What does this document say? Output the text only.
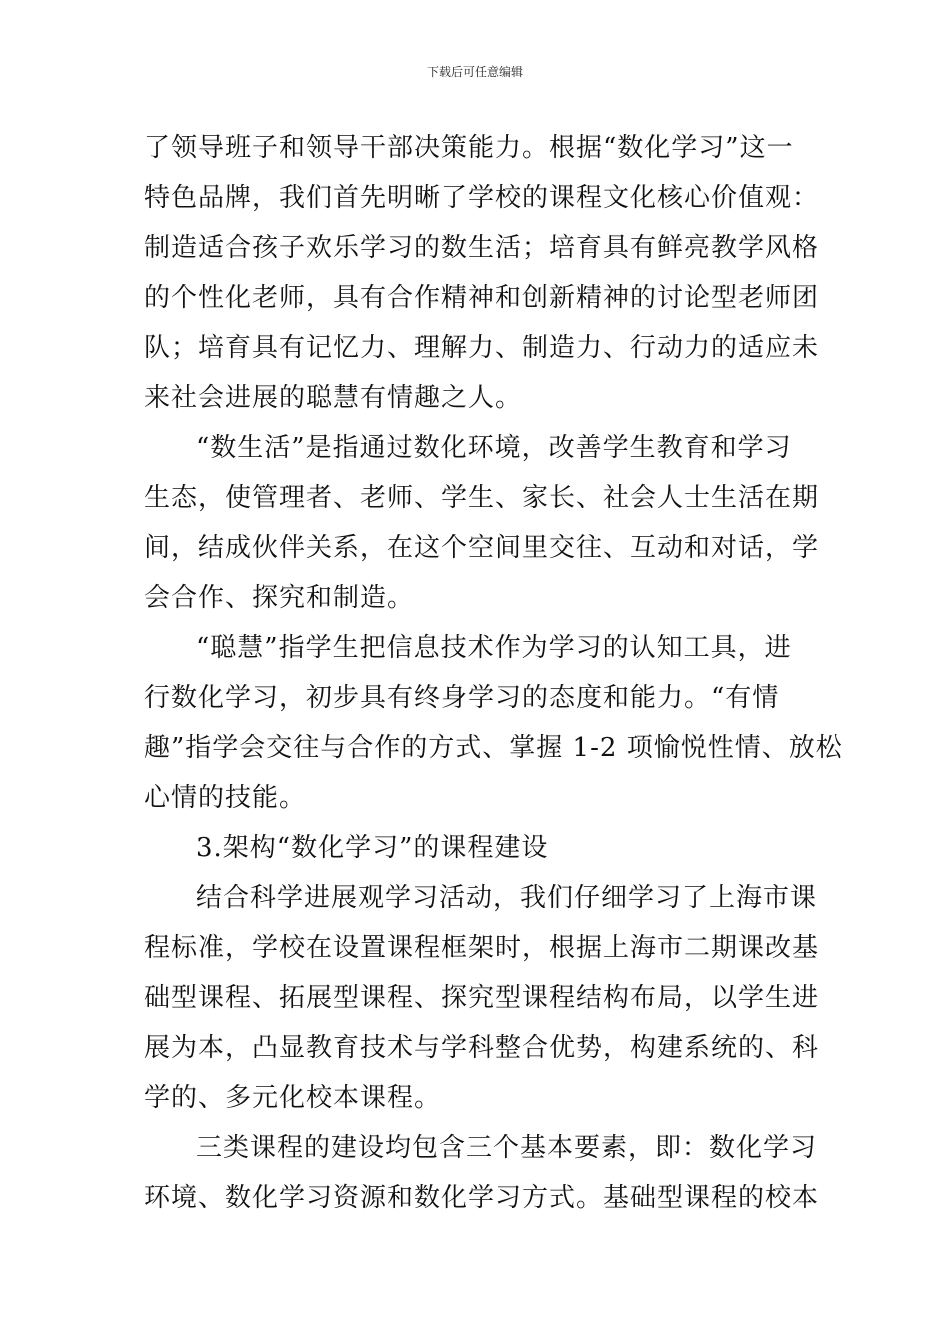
下载后可任意编辑
了领导班子和领导干部决策能力。根据“数化学习”这一
特色品牌，我们首先明晰了学校的课程文化核心价值观：
制造适合孩子欢乐学习的数生活；培育具有鲜亮教学风格
的个性化老师，具有合作精神和创新精神的讨论型老师团
队；培育具有记忆力、理解力、制造力、行动力的适应未
来社会进展的聪慧有情趣之人。
“数生活”是指通过数化环境，改善学生教育和学习
生态，使管理者、老师、学生、家长、社会人士生活在期
间，结成伙伴关系，在这个空间里交往、互动和对话，学
会合作、探究和制造。
“聪慧”指学生把信息技术作为学习的认知工具，进
行数化学习，初步具有终身学习的态度和能力。“有情
趣”指学会交往与合作的方式、掌握 1-2 项愉悦性情、放松
心情的技能。
3.架构“数化学习”的课程建设
结合科学进展观学习活动，我们仔细学习了上海市课
程标准，学校在设置课程框架时，根据上海市二期课改基
础型课程、拓展型课程、探究型课程结构布局，以学生进
展为本，凸显教育技术与学科整合优势，构建系统的、科
学的、多元化校本课程。
三类课程的建设均包含三个基本要素，即：数化学习
环境、数化学习资源和数化学习方式。基础型课程的校本
